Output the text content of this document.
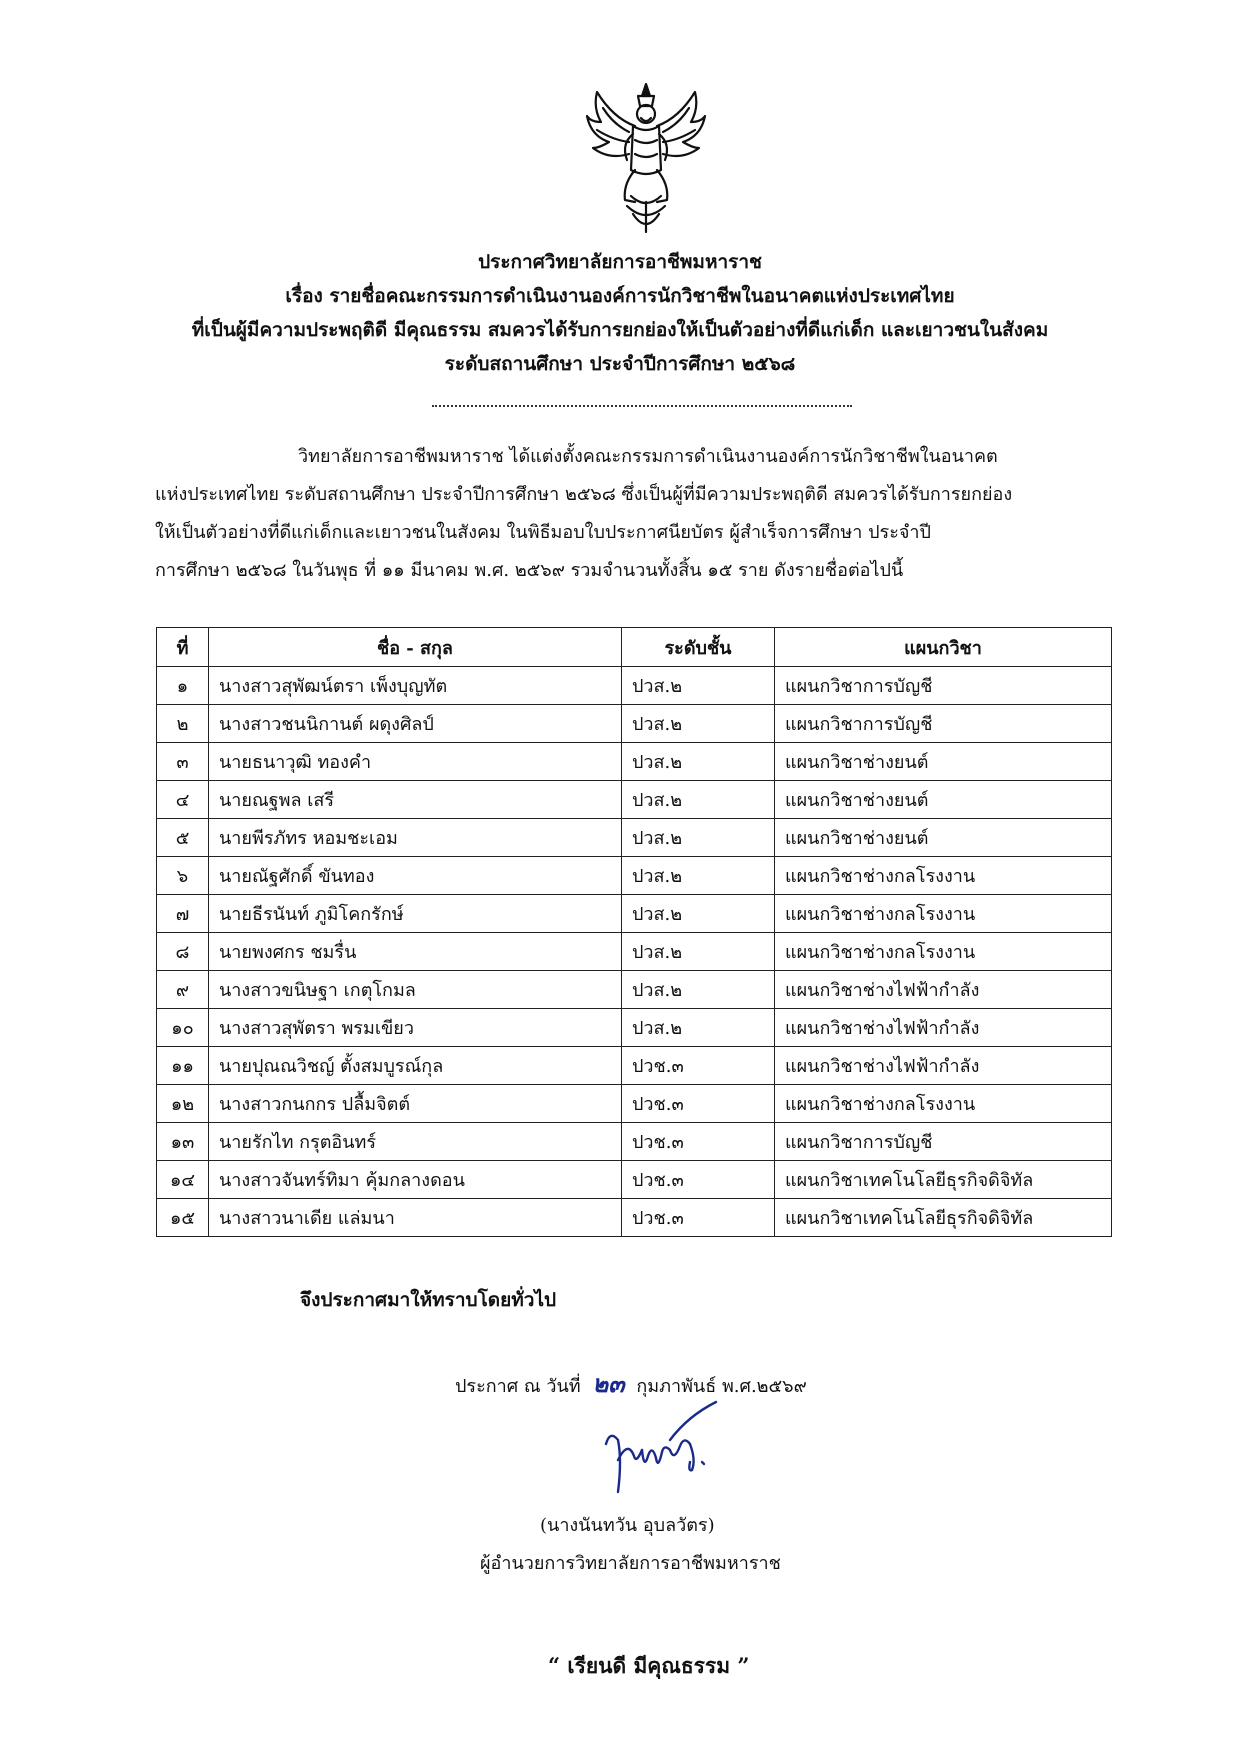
ประกาศวิทยาลัยการอาชีพมหาราช
เรื่อง รายชื่อคณะกรรมการดำเนินงานองค์การนักวิชาชีพในอนาคตแห่งประเทศไทย
ที่เป็นผู้มีความประพฤติดี มีคุณธรรม สมควรได้รับการยกย่องให้เป็นตัวอย่างที่ดีแก่เด็ก และเยาวชนในสังคม
ระดับสถานศึกษา ประจำปีการศึกษา ๒๕๖๘
วิทยาลัยการอาชีพมหาราช ได้แต่งตั้งคณะกรรมการดำเนินงานองค์การนักวิชาชีพในอนาคต
แห่งประเทศไทย ระดับสถานศึกษา ประจำปีการศึกษา ๒๕๖๘ ซึ่งเป็นผู้ที่มีความประพฤติดี สมควรได้รับการยกย่อง
ให้เป็นตัวอย่างที่ดีแก่เด็กและเยาวชนในสังคม ในพิธีมอบใบประกาศนียบัตร ผู้สำเร็จการศึกษา ประจำปี
การศึกษา ๒๕๖๘ ในวันพุธ ที่ ๑๑ มีนาคม พ.ศ. ๒๕๖๙ รวมจำนวนทั้งสิ้น ๑๕ ราย ดังรายชื่อต่อไปนี้
ที่	ชื่อ - สกุล	ระดับชั้น	แผนกวิชา
๑	นางสาวสุพัฒน์ตรา เพ็งบุญทัต	ปวส.๒	แผนกวิชาการบัญชี
๒	นางสาวชนนิกานต์ ผดุงศิลป์	ปวส.๒	แผนกวิชาการบัญชี
๓	นายธนาวุฒิ ทองคำ	ปวส.๒	แผนกวิชาช่างยนต์
๔	นายณฐพล เสรี	ปวส.๒	แผนกวิชาช่างยนต์
๕	นายพีรภัทร หอมชะเอม	ปวส.๒	แผนกวิชาช่างยนต์
๖	นายณัฐศักดิ์ ขันทอง	ปวส.๒	แผนกวิชาช่างกลโรงงาน
๗	นายธีรนันท์ ภูมิโคกรักษ์	ปวส.๒	แผนกวิชาช่างกลโรงงาน
๘	นายพงศกร ชมรื่น	ปวส.๒	แผนกวิชาช่างกลโรงงาน
๙	นางสาวขนิษฐา เกตุโกมล	ปวส.๒	แผนกวิชาช่างไฟฟ้ากำลัง
๑๐	นางสาวสุพัตรา พรมเขียว	ปวส.๒	แผนกวิชาช่างไฟฟ้ากำลัง
๑๑	นายปุณณวิชญ์ ตั้งสมบูรณ์กุล	ปวช.๓	แผนกวิชาช่างไฟฟ้ากำลัง
๑๒	นางสาวกนกกร ปลื้มจิตต์	ปวช.๓	แผนกวิชาช่างกลโรงงาน
๑๓	นายรักไท กรุตอินทร์	ปวช.๓	แผนกวิชาการบัญชี
๑๔	นางสาวจันทร์ทิมา คุ้มกลางดอน	ปวช.๓	แผนกวิชาเทคโนโลยีธุรกิจดิจิทัล
๑๕	นางสาวนาเดีย แล่มนา	ปวช.๓	แผนกวิชาเทคโนโลยีธุรกิจดิจิทัล
จึงประกาศมาให้ทราบโดยทั่วไป
ประกาศ ณ วันที่ ๒๓ กุมภาพันธ์ พ.ศ.๒๕๖๙
(นางนันทวัน อุบลวัตร)
ผู้อำนวยการวิทยาลัยการอาชีพมหาราช
“ เรียนดี มีคุณธรรม ”
